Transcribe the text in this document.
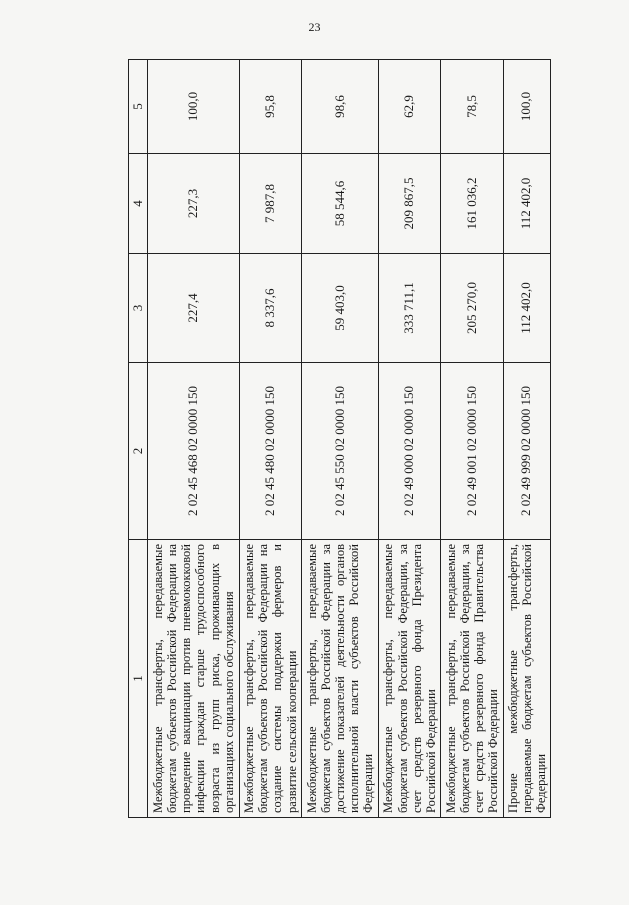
23
1	2	3	4	5
Межбюджетные трансферты, передаваемые бюджетам субъектов Российской Федерации на проведение вакцинации против пневмококковой инфекции граждан старше трудоспособного возраста из групп риска, проживающих в организациях социального обслуживания	2 02 45 468 02 0000 150	227,4	227,3	100,0
Межбюджетные трансферты, передаваемые бюджетам субъектов Российской Федерации на создание системы поддержки фермеров и развитие сельской кооперации	2 02 45 480 02 0000 150	8 337,6	7 987,8	95,8
Межбюджетные трансферты, передаваемые бюджетам субъектов Российской Федерации за достижение показателей деятельности органов исполнительной власти субъектов Российской Федерации	2 02 45 550 02 0000 150	59 403,0	58 544,6	98,6
Межбюджетные трансферты, передаваемые бюджетам субъектов Российской Федерации, за счет средств резервного фонда Президента Российской Федерации	2 02 49 000 02 0000 150	333 711,1	209 867,5	62,9
Межбюджетные трансферты, передаваемые бюджетам субъектов Российской Федерации, за счет средств резервного фонда Правительства Российской Федерации	2 02 49 001 02 0000 150	205 270,0	161 036,2	78,5
Прочие межбюджетные трансферты, передаваемые бюджетам субъектов Российской Федерации	2 02 49 999 02 0000 150	112 402,0	112 402,0	100,0
